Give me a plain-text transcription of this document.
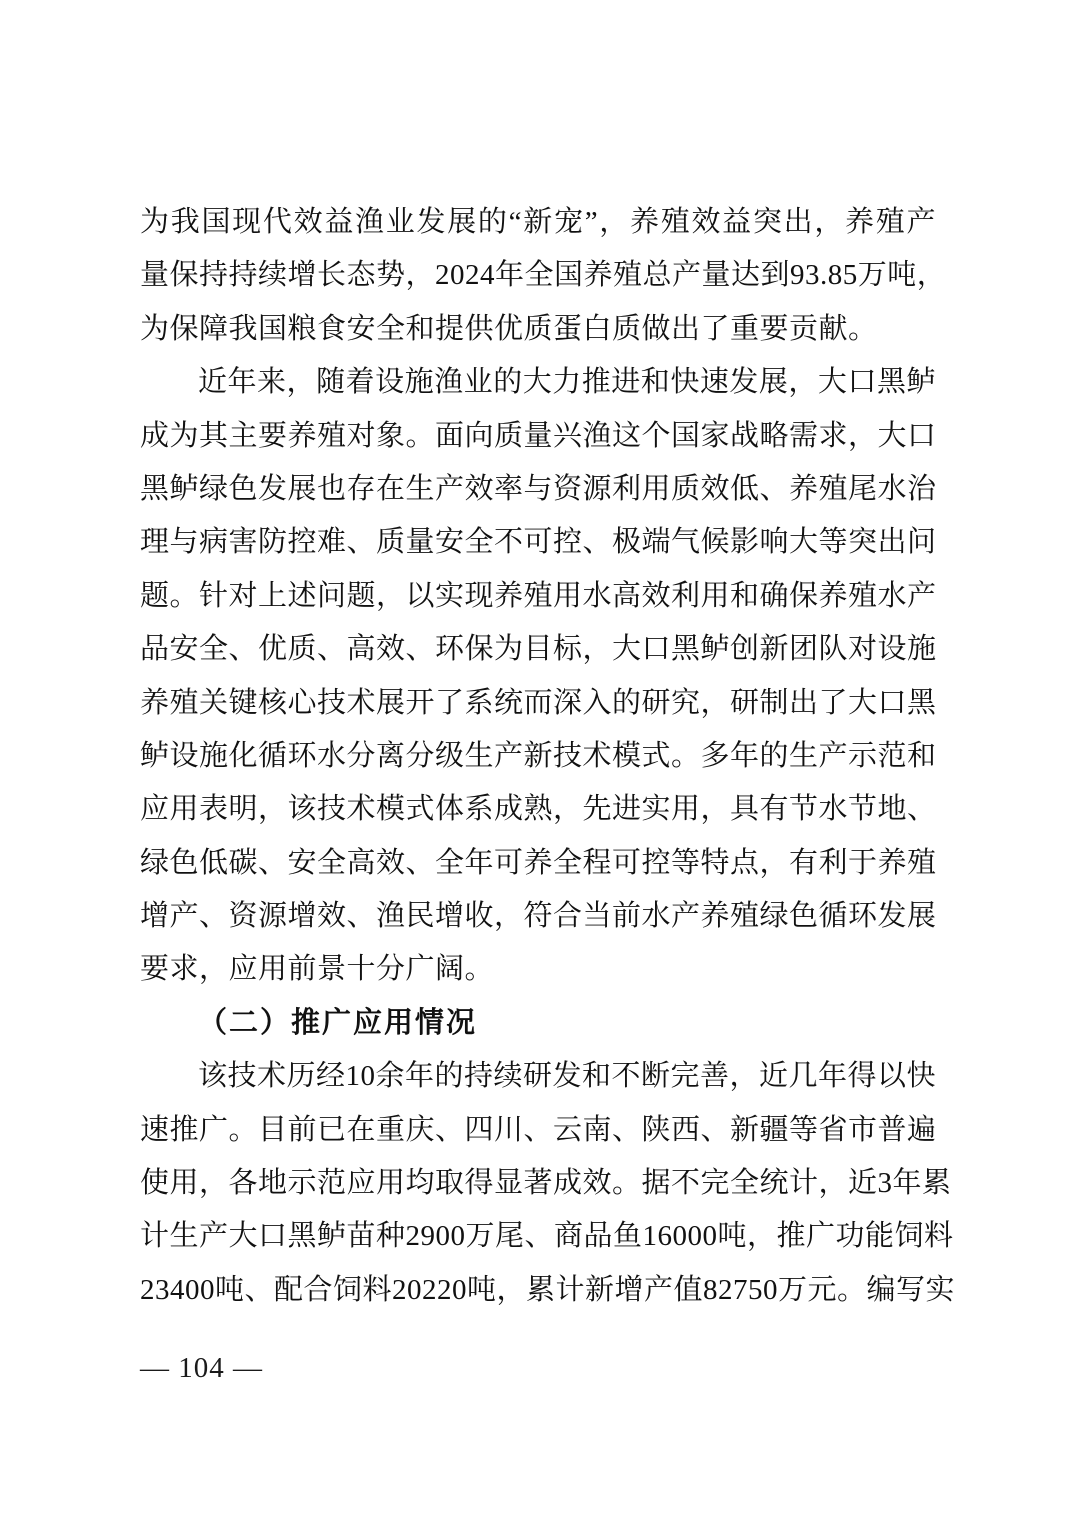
为我国现代效益渔业发展的“新宠”，养殖效益突出，养殖产
量保持持续增长态势，2024年全国养殖总产量达到93.85万吨，
为保障我国粮食安全和提供优质蛋白质做出了重要贡献。
近年来，随着设施渔业的大力推进和快速发展，大口黑鲈
成为其主要养殖对象。面向质量兴渔这个国家战略需求，大口
黑鲈绿色发展也存在生产效率与资源利用质效低、养殖尾水治
理与病害防控难、质量安全不可控、极端气候影响大等突出问
题。针对上述问题，以实现养殖用水高效利用和确保养殖水产
品安全、优质、高效、环保为目标，大口黑鲈创新团队对设施
养殖关键核心技术展开了系统而深入的研究，研制出了大口黑
鲈设施化循环水分离分级生产新技术模式。多年的生产示范和
应用表明，该技术模式体系成熟，先进实用，具有节水节地、
绿色低碳、安全高效、全年可养全程可控等特点，有利于养殖
增产、资源增效、渔民增收，符合当前水产养殖绿色循环发展
要求，应用前景十分广阔。
（二）推广应用情况
该技术历经10余年的持续研发和不断完善，近几年得以快
速推广。目前已在重庆、四川、云南、陕西、新疆等省市普遍
使用，各地示范应用均取得显著成效。据不完全统计，近3年累
计生产大口黑鲈苗种2900万尾、商品鱼16000吨，推广功能饲料
23400吨、配合饲料20220吨，累计新增产值82750万元。编写实
— 104 —
